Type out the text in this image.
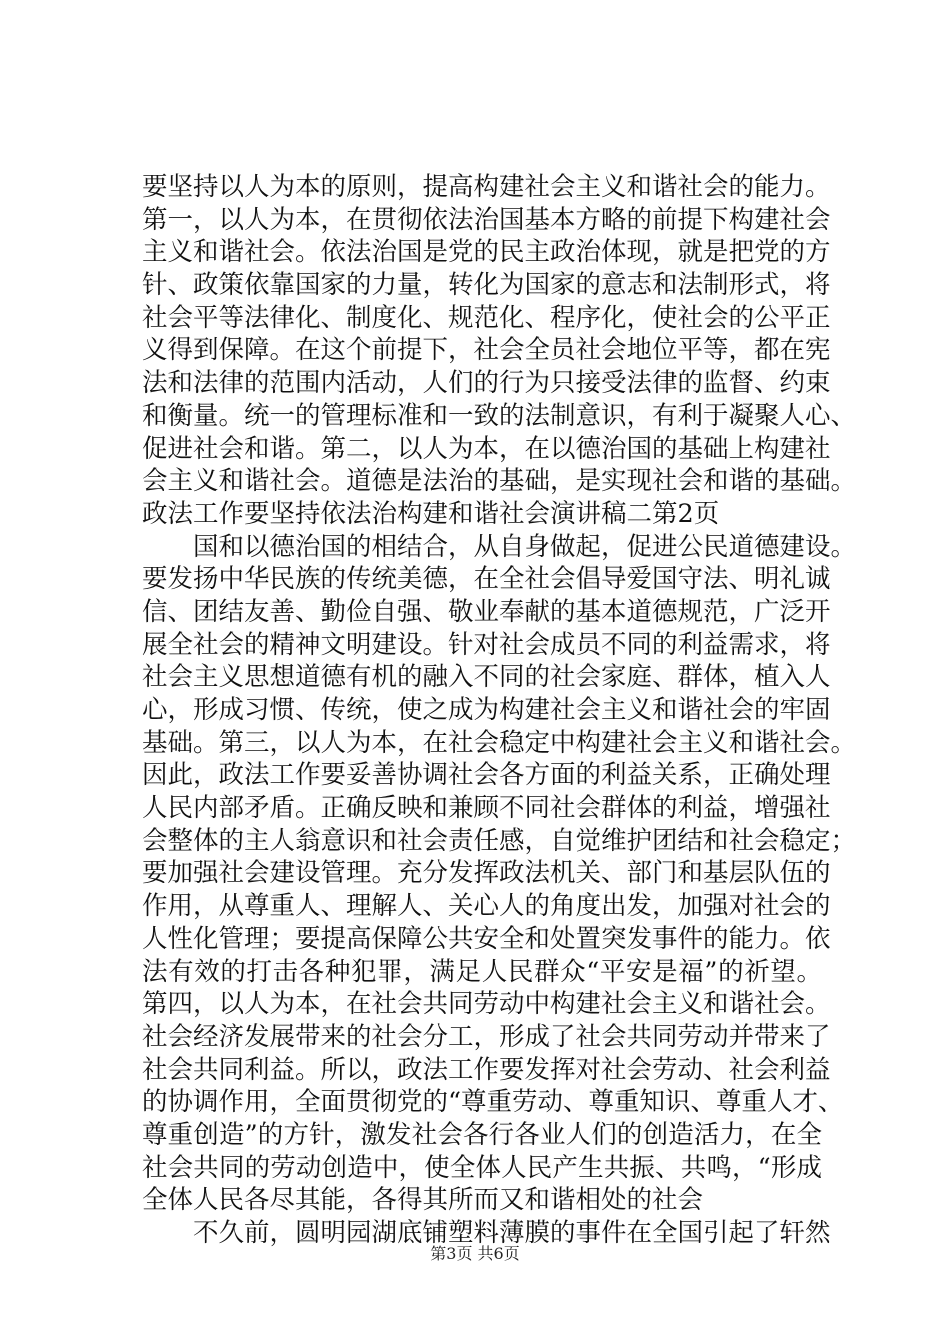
要坚持以人为本的原则，提高构建社会主义和谐社会的能力。
第一，以人为本，在贯彻依法治国基本方略的前提下构建社会
主义和谐社会。依法治国是党的民主政治体现，就是把党的方
针、政策依靠国家的力量，转化为国家的意志和法制形式，将
社会平等法律化、制度化、规范化、程序化，使社会的公平正
义得到保障。在这个前提下，社会全员社会地位平等，都在宪
法和法律的范围内活动，人们的行为只接受法律的监督、约束
和衡量。统一的管理标准和一致的法制意识，有利于凝聚人心、
促进社会和谐。第二，以人为本，在以德治国的基础上构建社
会主义和谐社会。道德是法治的基础，是实现社会和谐的基础。
政法工作要坚持依法治构建和谐社会演讲稿二第2页
国和以德治国的相结合，从自身做起，促进公民道德建设。
要发扬中华民族的传统美德，在全社会倡导爱国守法、明礼诚
信、团结友善、勤俭自强、敬业奉献的基本道德规范，广泛开
展全社会的精神文明建设。针对社会成员不同的利益需求，将
社会主义思想道德有机的融入不同的社会家庭、群体，植入人
心，形成习惯、传统，使之成为构建社会主义和谐社会的牢固
基础。第三，以人为本，在社会稳定中构建社会主义和谐社会。
因此，政法工作要妥善协调社会各方面的利益关系，正确处理
人民内部矛盾。正确反映和兼顾不同社会群体的利益，增强社
会整体的主人翁意识和社会责任感，自觉维护团结和社会稳定；
要加强社会建设管理。充分发挥政法机关、部门和基层队伍的
作用，从尊重人、理解人、关心人的角度出发，加强对社会的
人性化管理；要提高保障公共安全和处置突发事件的能力。依
法有效的打击各种犯罪，满足人民群众“平安是福”的祈望。
第四，以人为本，在社会共同劳动中构建社会主义和谐社会。
社会经济发展带来的社会分工，形成了社会共同劳动并带来了
社会共同利益。所以，政法工作要发挥对社会劳动、社会利益
的协调作用，全面贯彻党的“尊重劳动、尊重知识、尊重人才、
尊重创造”的方针，激发社会各行各业人们的创造活力，在全
社会共同的劳动创造中，使全体人民产生共振、共鸣，“形成
全体人民各尽其能，各得其所而又和谐相处的社会
不久前，圆明园湖底铺塑料薄膜的事件在全国引起了轩然
第3页 共6页
